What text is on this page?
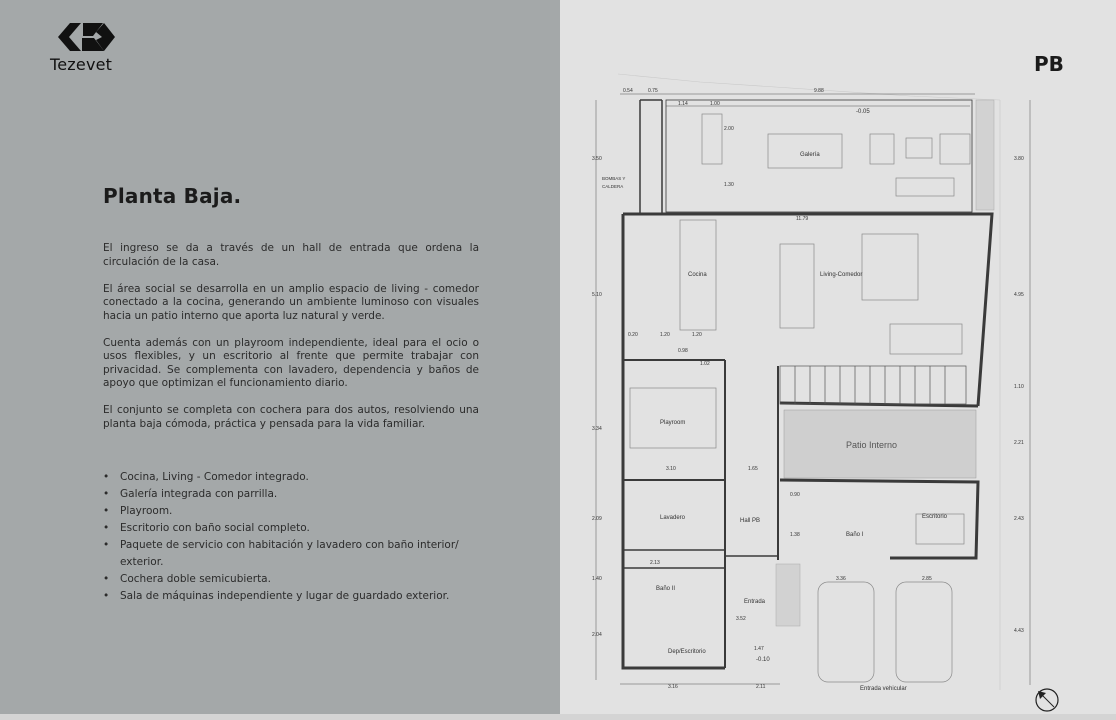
Tezevet
Planta Baja.

El ingreso se da a través de un hall de entrada que ordena la circulación de la casa.

El área social se desarrolla en un amplio espacio de living - comedor conectado a la cocina, generando un ambiente luminoso con visuales hacia un patio interno que aporta luz natural y verde.

Cuenta además con un playroom independiente, ideal para el ocio o usos flexibles, y un escritorio al frente que permite trabajar con privacidad. Se complementa con lavadero, dependencia y baños de apoyo que optimizan el funcionamiento diario.

El conjunto se completa con cochera para dos autos, resolviendo una planta baja cómoda, práctica y pensada para la vida familiar.

• Cocina, Living - Comedor integrado.
• Galería integrada con parrilla.
• Playroom.
• Escritorio con baño social completo.
• Paquete de servicio con habitación y lavadero con baño interior/ exterior.
• Cochera doble semicubierta.
• Sala de máquinas independiente y lugar de guardado exterior.
PB
Galería
Cocina	Living-Comedor
Playroom
Patio Interno
Lavadero	Hall PB
Baño I
Escritorio
Baño II
Dep/Escritorio
Entrada
Entrada vehicular
BOMBAS Y
CALDERA
-0.05
-0.10
0.54	0.75	9.88
1.14	1.00
2.00
1.30
11.79
0.20	1.20	1.20
0.98
1.02
3.10	1.65
0.90
1.38
2.13
3.36	2.85
3.52
1.47
3.50
5.10
3.34
2.09
1.40
2.04
3.80
4.95
1.10
2.21
2.43
4.43
3.16	2.11
